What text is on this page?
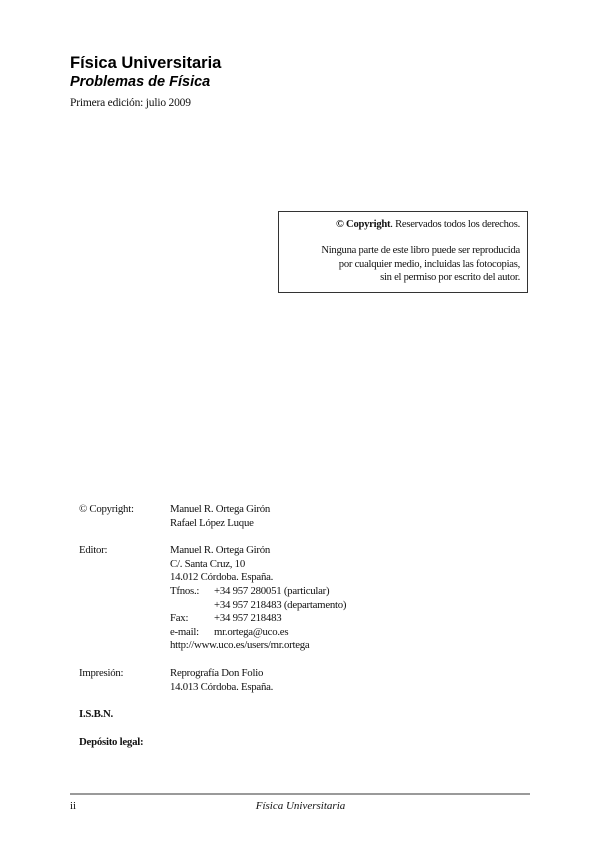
Física Universitaria
Problemas de Física
Primera edición: julio 2009
© Copyright. Reservados todos los derechos.
Ninguna parte de este libro puede ser reproducida
por cualquier medio, incluidas las fotocopias,
sin el permiso por escrito del autor.
© Copyright:	Manuel R. Ortega Girón
Rafael López Luque
Editor:	Manuel R. Ortega Girón
C/. Santa Cruz, 10
14.012 Córdoba. España.
Tfnos.:	+34 957 280051 (particular)
+34 957 218483 (departamento)
Fax:	+34 957 218483
e-mail:	mr.ortega@uco.es
http://www.uco.es/users/mr.ortega
Impresión:	Reprografía Don Folio
14.013 Córdoba. España.
I.S.B.N.
Depósito legal:
ii	Física Universitaria
